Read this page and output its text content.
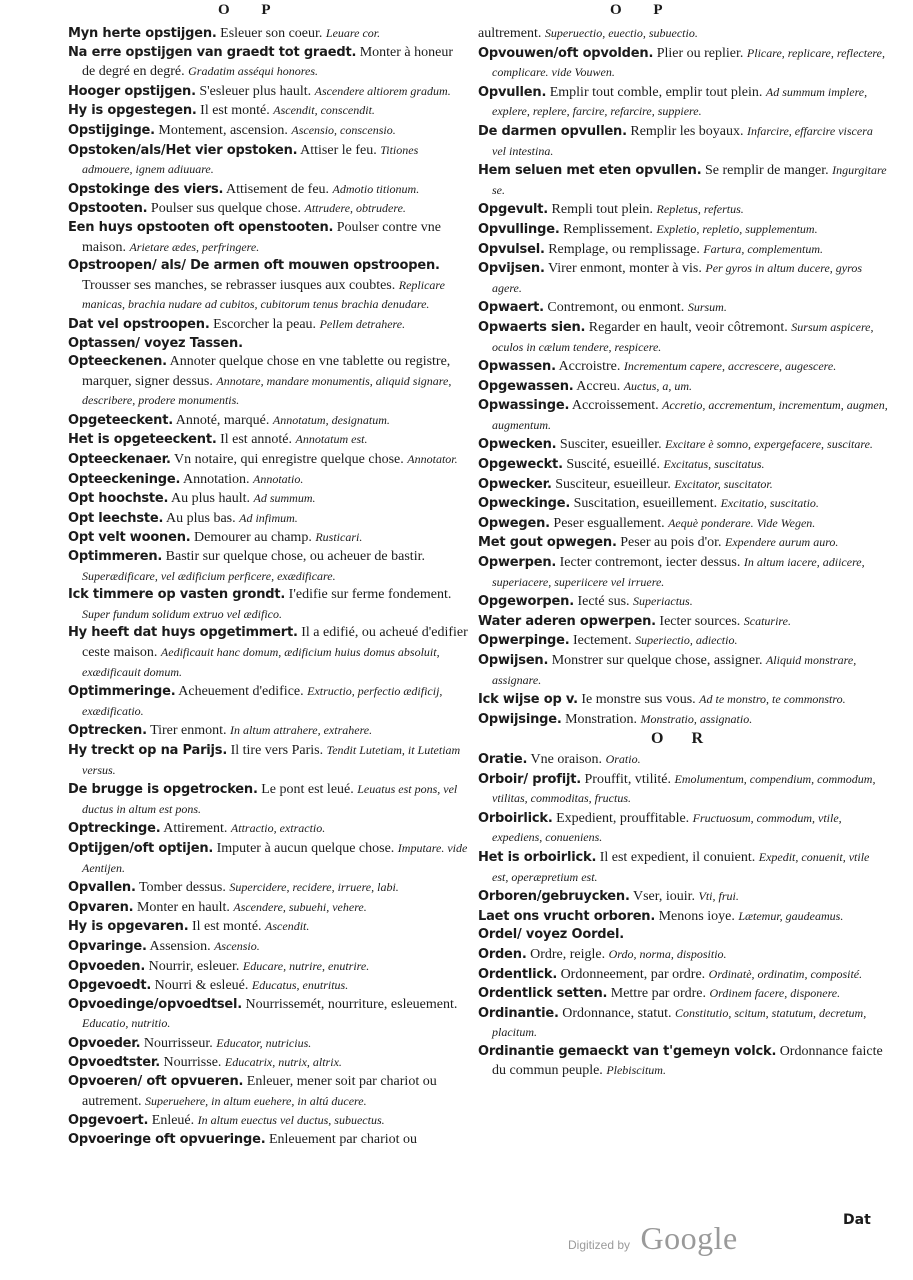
O P	O P

Myn herte opstijgen. Esleuer son coeur. Leuare cor.

Na erre opstijgen van graedt tot graedt. Monter à honeur de degré en degré. Gradatim asséqui honores.

Hooger opstijgen. S'esleuer plus hault. Ascendere altiorem gradum.

Hy is opgestegen. Il est monté. Ascendit, conscendit.

Opstijginge. Montement, ascension. Ascensio, conscensio.

Opstoken/als/Het vier opstoken. Attiser le feu. Titiones admouere, ignem adiuuare.

Opstokinge des viers. Attisement de feu. Admotio titionum.

Opstooten. Poulser sus quelque chose. Attrudere, obtrudere.

Een huys opstooten oft openstooten. Poulser contre vne maison. Arietare ædes, perfringere.

Opstroopen/ als/ De armen oft mouwen opstroopen. Trousser ses manches, se rebrasser iusques aux coubtes. Replicare manicas, brachia nudare ad cubitos, cubitorum tenus brachia denudare.

Dat vel opstroopen. Escorcher la peau. Pellem detrahere.

Optassen/ voyez Tassen.

Opteeckenen. Annoter quelque chose en vne tablette ou registre, marquer, signer dessus. Annotare, mandare monumentis, aliquid signare, describere, prodere monumentis.

Opgeteeckent. Annoté, marqué. Annotatum, designatum.

Het is opgeteeckent. Il est annoté. Annotatum est.

Opteeckenaer. Vn notaire, qui enregistre quelque chose. Annotator.

Opteeckeninge. Annotation. Annotatio.

Opt hoochste. Au plus hault. Ad summum.

Opt leechste. Au plus bas. Ad infimum.

Opt velt woonen. Demourer au champ. Rusticari.

Optimmeren. Bastir sur quelque chose, ou acheuer de bastir. Superædificare, vel ædificium perficere, exædificare.

Ick timmere op vasten grondt. I'edifie sur ferme fondement. Super fundum solidum extruo vel ædifico.

Hy heeft dat huys opgetimmert. Il a edifié, ou acheué d'edifier ceste maison. Aedificauit hanc domum, ædificium huius domus absoluit, exædificauit domum.

Optimmeringe. Acheuement d'edifice. Extructio, perfectio ædificij, exædificatio.

Optrecken. Tirer enmont. In altum attrahere, extrahere.

Hy treckt op na Parijs. Il tire vers Paris. Tendit Lutetiam, it Lutetiam versus.

De brugge is opgetrocken. Le pont est leué. Leuatus est pons, vel ductus in altum est pons.

Optreckinge. Attirement. Attractio, extractio.

Optijgen/oft optijen. Imputer à aucun quelque chose. Imputare. vide Aentijen.

Opvallen. Tomber dessus. Supercidere, recidere, irruere, labi.

Opvaren. Monter en hault. Ascendere, subuehi, vehere.

Hy is opgevaren. Il est monté. Ascendit.

Opvaringe. Assension. Ascensio.

Opvoeden. Nourrir, esleuer. Educare, nutrire, enutrire.

Opgevoedt. Nourri & esleué. Educatus, enutritus.

Opvoedinge/opvoedtsel. Nourrissemét, nourriture, esleuement. Educatio, nutritio.

Opvoeder. Nourrisseur. Educator, nutricius.

Opvoedtster. Nourrisse. Educatrix, nutrix, altrix.

Opvoeren/ oft opvueren. Enleuer, mener soit par chariot ou autrement. Superuehere, in altum euehere, in altú ducere.

Opgevoert. Enleué. In altum euectus vel ductus, subuectus.

Opvoeringe oft opvueringe. Enleuement par chariot ou

aultrement. Superuectio, euectio, subuectio.

Opvouwen/oft opvolden. Plier ou replier. Plicare, replicare, reflectere, complicare. vide Vouwen.

Opvullen. Emplir tout comble, emplir tout plein. Ad summum implere, explere, replere, farcire, refarcire, suppiere.

De darmen opvullen. Remplir les boyaux. Infarcire, effarcire viscera vel intestina.

Hem seluen met eten opvullen. Se remplir de manger. Ingurgitare se.

Opgevult. Rempli tout plein. Repletus, refertus.

Opvullinge. Remplissement. Expletio, repletio, supplementum.

Opvulsel. Remplage, ou remplissage. Fartura, complementum.

Opvijsen. Virer enmont, monter à vis. Per gyros in altum ducere, gyros agere.

Opwaert. Contremont, ou enmont. Sursum.

Opwaerts sien. Regarder en hault, veoir côtremont. Sursum aspicere, oculos in cælum tendere, respicere.

Opwassen. Accroistre. Incrementum capere, accrescere, augescere.

Opgewassen. Accreu. Auctus, a, um.

Opwassinge. Accroissement. Accretio, accrementum, incrementum, augmen, augmentum.

Opwecken. Susciter, esueiller. Excitare è somno, expergefacere, suscitare.

Opgeweckt. Suscité, esueillé. Excitatus, suscitatus.

Opwecker. Susciteur, esueilleur. Excitator, suscitator.

Opweckinge. Suscitation, esueillement. Excitatio, suscitatio.

Opwegen. Peser esguallement. Aequè ponderare. Vide Wegen.

Met gout opwegen. Peser au pois d'or. Expendere aurum auro.

Opwerpen. Iecter contremont, iecter dessus. In altum iacere, adiicere, superiacere, superiicere vel irruere.

Opgeworpen. Iecté sus. Superiactus.

Water aderen opwerpen. Iecter sources. Scaturire.

Opwerpinge. Iectement. Superiectio, adiectio.

Opwijsen. Monstrer sur quelque chose, assigner. Aliquid monstrare, assignare.

Ick wijse op v. Ie monstre sus vous. Ad te monstro, te commonstro.

Opwijsinge. Monstration. Monstratio, assignatio.

O R

Oratie. Vne oraison. Oratio.

Orboir/ profijt. Prouffit, vtilité. Emolumentum, compendium, commodum, vtilitas, commoditas, fructus.

Orboirlick. Expedient, prouffitable. Fructuosum, commodum, vtile, expediens, conueniens.

Het is orboirlick. Il est expedient, il conuient. Expedit, conuenit, vtile est, operæpretium est.

Orboren/gebruycken. Vser, iouir. Vti, frui.

Laet ons vrucht orboren. Menons ioye. Lætemur, gaudeamus.

Ordel/ voyez Oordel.

Orden. Ordre, reigle. Ordo, norma, dispositio.

Ordentlick. Ordonneement, par ordre. Ordinatè, ordinatim, composité.

Ordentlick setten. Mettre par ordre. Ordinem facere, disponere.

Ordinantie. Ordonnance, statut. Constitutio, scitum, statutum, decretum, placitum.

Ordinantie gemaeckt van t'gemeyn volck. Ordonnance faicte du commun peuple. Plebiscitum.

Dat
Digitized by Google
